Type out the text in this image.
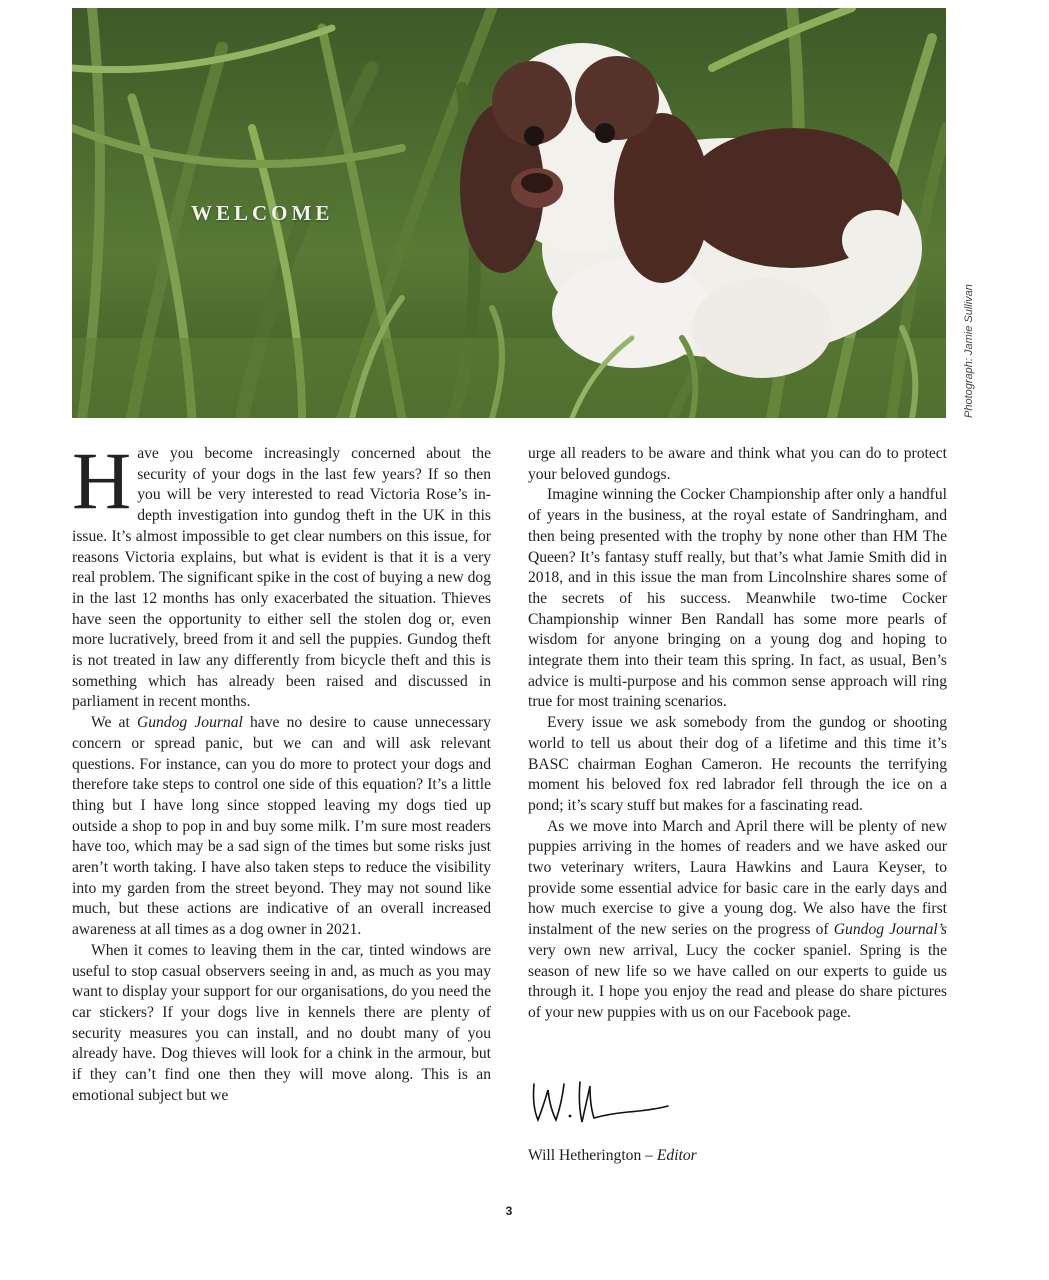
WELCOME
Photograph: Jamie Sullivan

Have you become increasingly concerned about the security of your dogs in the last few years? If so then you will be very interested to read Victoria Rose’s in-depth investigation into gundog theft in the UK in this issue. It’s almost impossible to get clear numbers on this issue, for reasons Victoria explains, but what is evident is that it is a very real problem. The significant spike in the cost of buying a new dog in the last 12 months has only exacerbated the situation. Thieves have seen the opportunity to either sell the stolen dog or, even more lucratively, breed from it and sell the puppies. Gundog theft is not treated in law any differently from bicycle theft and this is something which has already been raised and discussed in parliament in recent months.

We at Gundog Journal have no desire to cause unnecessary concern or spread panic, but we can and will ask relevant questions. For instance, can you do more to protect your dogs and therefore take steps to control one side of this equation? It’s a little thing but I have long since stopped leaving my dogs tied up outside a shop to pop in and buy some milk. I’m sure most readers have too, which may be a sad sign of the times but some risks just aren’t worth taking. I have also taken steps to reduce the visibility into my garden from the street beyond. They may not sound like much, but these actions are indicative of an overall increased awareness at all times as a dog owner in 2021.

When it comes to leaving them in the car, tinted windows are useful to stop casual observers seeing in and, as much as you may want to display your support for our organisations, do you need the car stickers? If your dogs live in kennels there are plenty of security measures you can install, and no doubt many of you already have. Dog thieves will look for a chink in the armour, but if they can’t find one then they will move along. This is an emotional subject but we

urge all readers to be aware and think what you can do to protect your beloved gundogs.

Imagine winning the Cocker Championship after only a handful of years in the business, at the royal estate of Sandringham, and then being presented with the trophy by none other than HM The Queen? It’s fantasy stuff really, but that’s what Jamie Smith did in 2018, and in this issue the man from Lincolnshire shares some of the secrets of his success. Meanwhile two-time Cocker Championship winner Ben Randall has some more pearls of wisdom for anyone bringing on a young dog and hoping to integrate them into their team this spring. In fact, as usual, Ben’s advice is multi-purpose and his common sense approach will ring true for most training scenarios.

Every issue we ask somebody from the gundog or shooting world to tell us about their dog of a lifetime and this time it’s BASC chairman Eoghan Cameron. He recounts the terrifying moment his beloved fox red labrador fell through the ice on a pond; it’s scary stuff but makes for a fascinating read.

As we move into March and April there will be plenty of new puppies arriving in the homes of readers and we have asked our two veterinary writers, Laura Hawkins and Laura Keyser, to provide some essential advice for basic care in the early days and how much exercise to give a young dog. We also have the first instalment of the new series on the progress of Gundog Journal’s very own new arrival, Lucy the cocker spaniel. Spring is the season of new life so we have called on our experts to guide us through it. I hope you enjoy the read and please do share pictures of your new puppies with us on our Facebook page.

Will Hetherington – Editor
3
